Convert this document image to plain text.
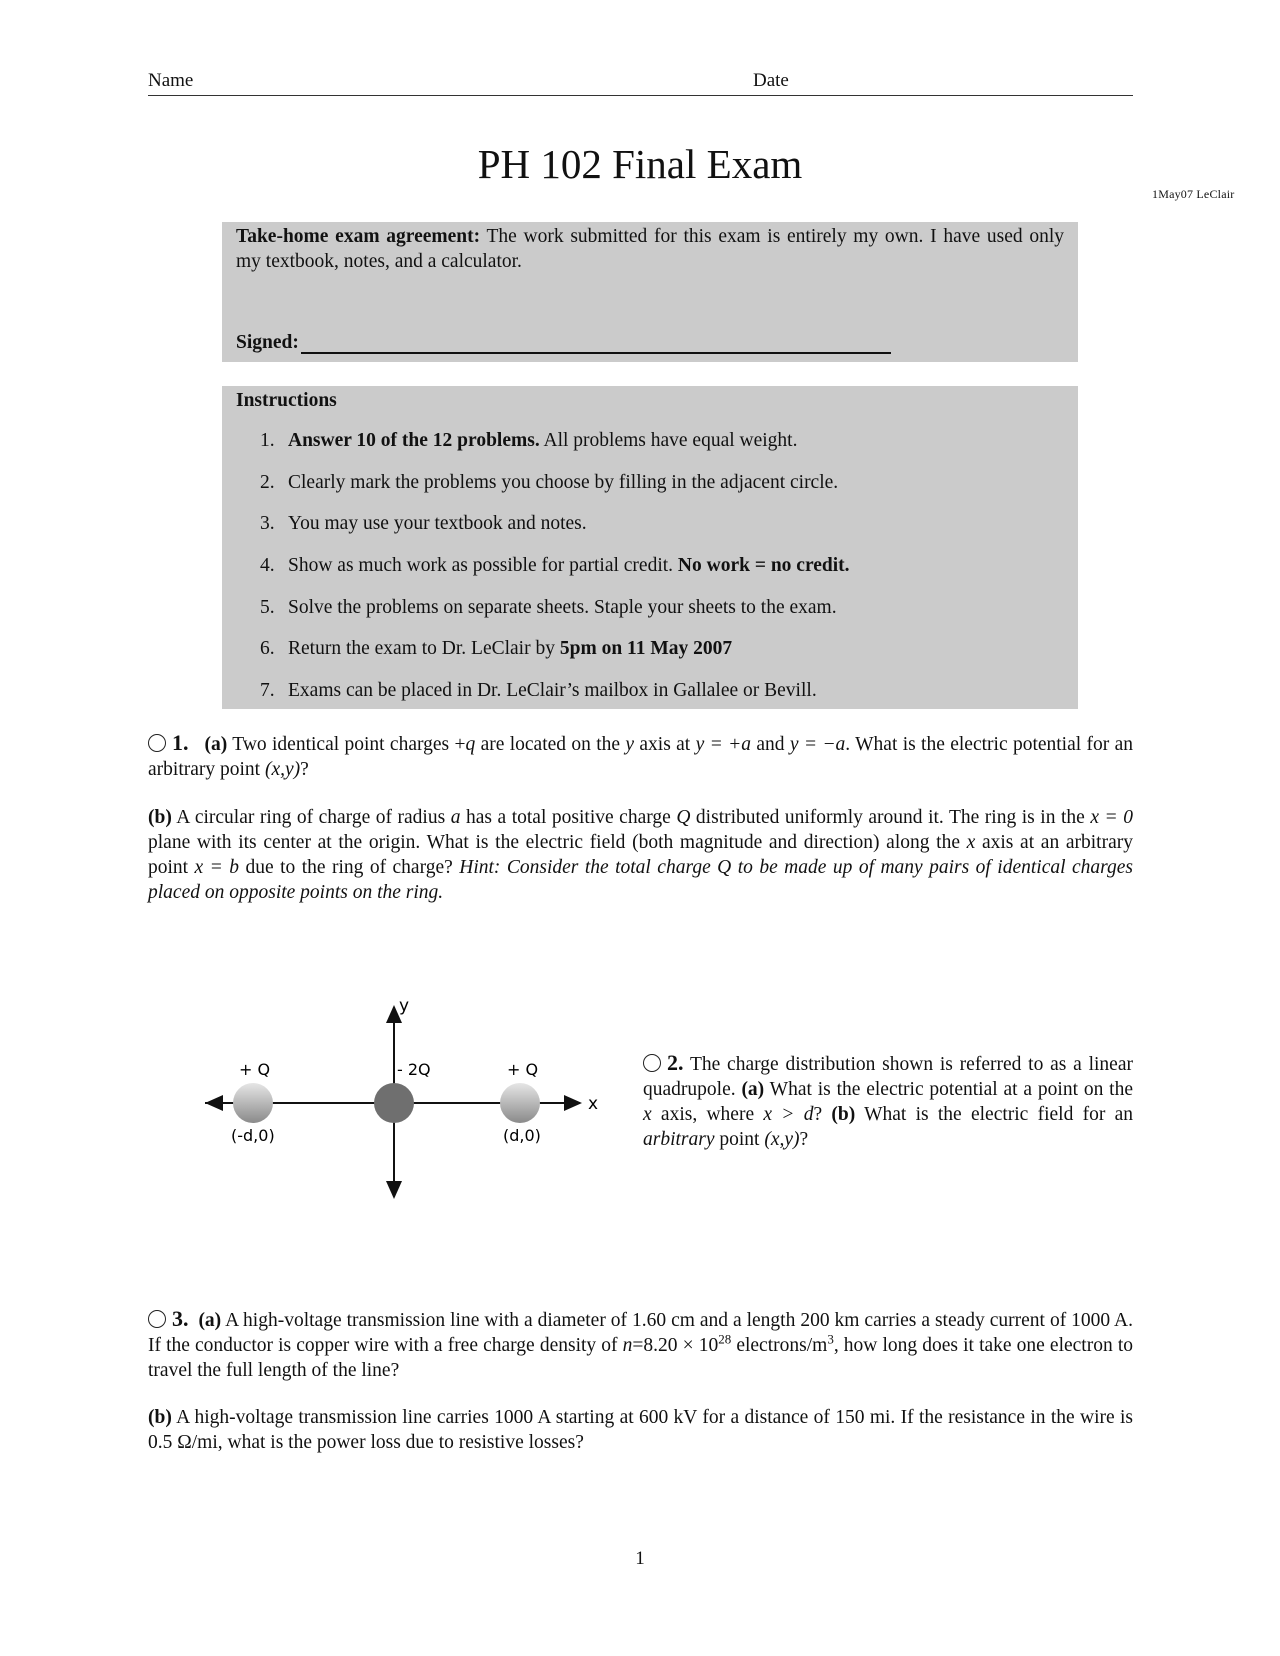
Name	Date
PH 102 Final Exam
1May07 LeClair

Take-home exam agreement: The work submitted for this exam is entirely my own. I have used only my textbook, notes, and a calculator.

Signed:
Instructions
1. Answer 10 of the 12 problems. All problems have equal weight.
2. Clearly mark the problems you choose by filling in the adjacent circle.
3. You may use your textbook and notes.
4. Show as much work as possible for partial credit. No work = no credit.
5. Solve the problems on separate sheets. Staple your sheets to the exam.
6. Return the exam to Dr. LeClair by 5pm on 11 May 2007
7. Exams can be placed in Dr. LeClair’s mailbox in Gallalee or Bevill.

1. (a) Two identical point charges +q are located on the y axis at y = +a and y = −a. What is the electric potential for an arbitrary point (x,y)?

(b) A circular ring of charge of radius a has a total positive charge Q distributed uniformly around it. The ring is in the x = 0 plane with its center at the origin. What is the electric field (both magnitude and direction) along the x axis at an arbitrary point x = b due to the ring of charge? Hint: Consider the total charge Q to be made up of many pairs of identical charges placed on opposite points on the ring.

y
x
+ Q	- 2Q	+ Q
(-d,0)	(d,0)

2. The charge distribution shown is referred to as a linear quadrupole. (a) What is the electric potential at a point on the x axis, where x > d? (b) What is the electric field for an arbitrary point (x,y)?

3. (a) A high-voltage transmission line with a diameter of 1.60 cm and a length 200 km carries a steady current of 1000 A. If the conductor is copper wire with a free charge density of $n=8.20 \times 10^{28}$ electrons/$m^3$, how long does it take one electron to travel the full length of the line?

(b) A high-voltage transmission line carries 1000 A starting at 600 kV for a distance of 150 mi. If the resistance in the wire is 0.5 Ω/mi, what is the power loss due to resistive losses?

1
